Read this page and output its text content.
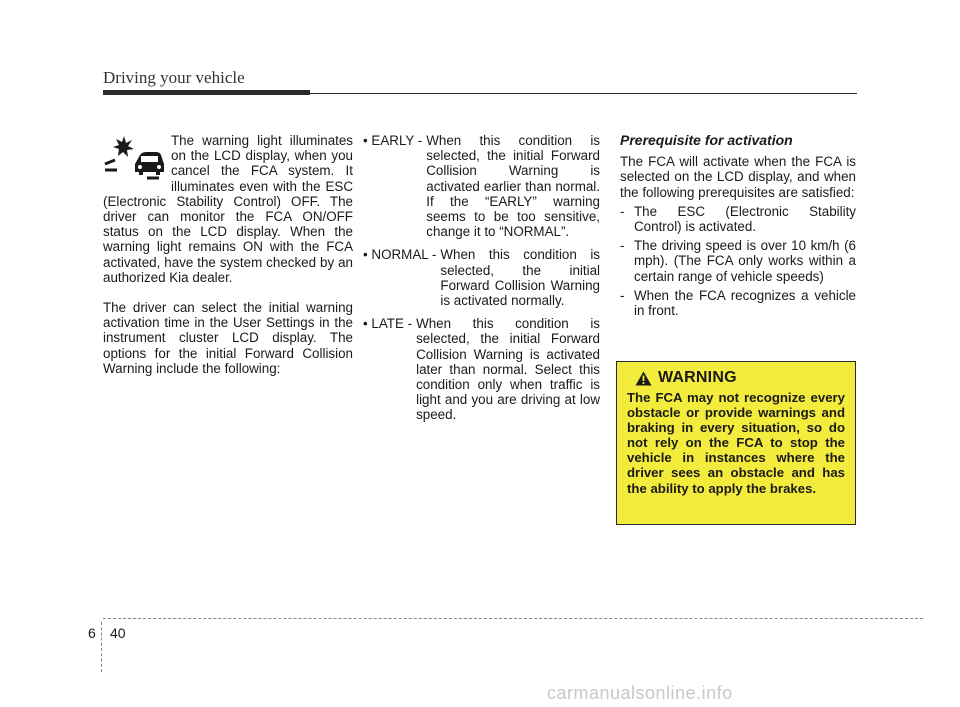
Driving your vehicle

The warning light illuminates on the LCD display, when you cancel the FCA system. It illuminates even with the ESC (Electronic Stability Control) OFF. The driver can monitor the FCA ON/OFF status on the LCD display. When the warning light remains ON with the FCA activated, have the system checked by an authorized Kia dealer.

The driver can select the initial warning activation time in the User Settings in the instrument cluster LCD display. The options for the initial Forward Collision Warning include the following:

• EARLY - When this condition is selected, the initial Forward Collision Warning is activated earlier than normal. If the “EARLY” warning seems to be too sensitive, change it to “NORMAL”.
• NORMAL - When this condition is selected, the initial Forward Collision Warning is activated normally.
• LATE - When this condition is selected, the initial Forward Collision Warning is activated later than normal. Select this condition only when traffic is light and you are driving at low speed.

Prerequisite for activation

The FCA will activate when the FCA is selected on the LCD display, and when the following prerequisites are satisfied:

- The ESC (Electronic Stability Control) is activated.
- The driving speed is over 10 km/h (6 mph). (The FCA only works within a certain range of vehicle speeds)
- When the FCA recognizes a vehicle in front.
WARNING

The FCA may not recognize every obstacle or provide warnings and braking in every situation, so do not rely on the FCA to stop the vehicle in instances where the driver sees an obstacle and has the ability to apply the brakes.

6 40
carmanualsonline.info
